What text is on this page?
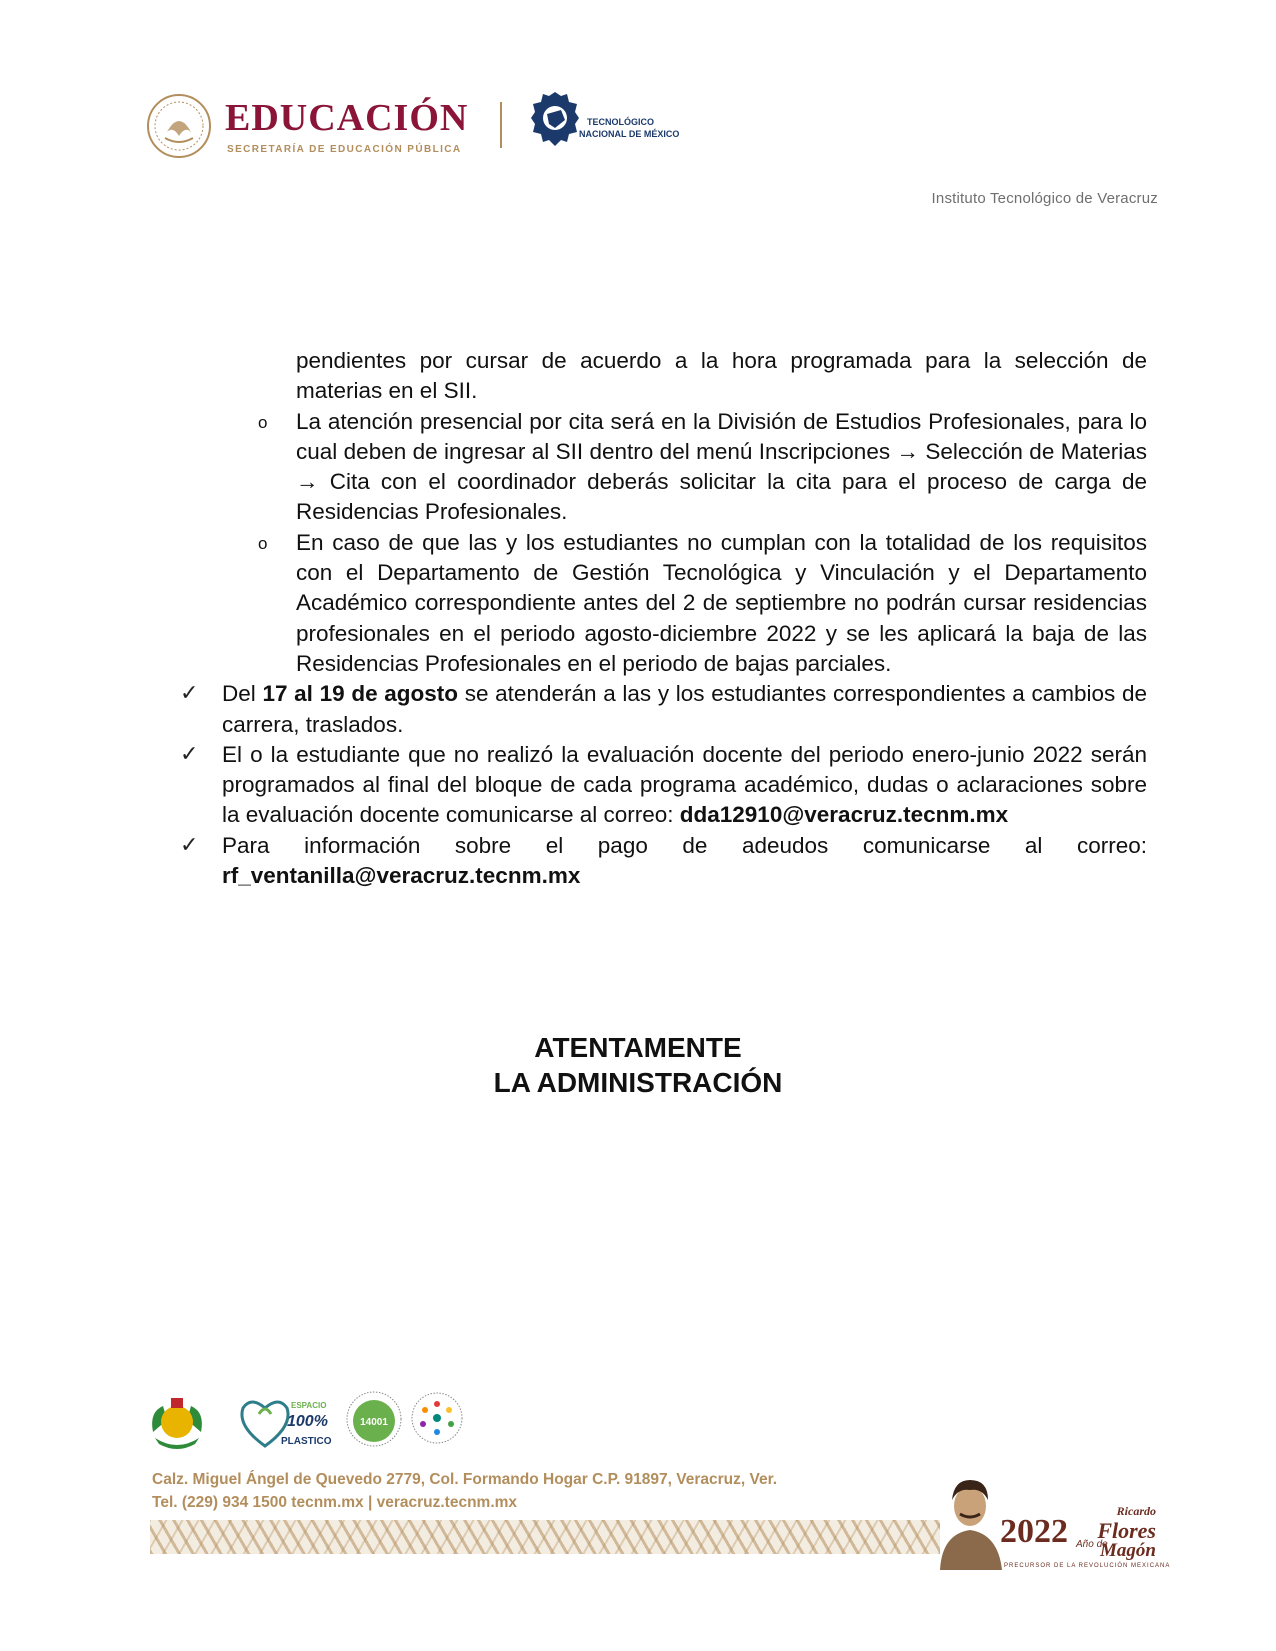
EDUCACIÓN
SECRETARÍA DE EDUCACIÓN PÚBLICA
TECNOLÓGICO
NACIONAL DE MÉXICO
Instituto Tecnológico de Veracruz
pendientes por cursar de acuerdo a la hora programada para la selección de materias en el SII.
o La atención presencial por cita será en la División de Estudios Profesionales, para lo cual deben de ingresar al SII dentro del menú Inscripciones → Selección de Materias → Cita con el coordinador deberás solicitar la cita para el proceso de carga de Residencias Profesionales.
o En caso de que las y los estudiantes no cumplan con la totalidad de los requisitos con el Departamento de Gestión Tecnológica y Vinculación y el Departamento Académico correspondiente antes del 2 de septiembre no podrán cursar residencias profesionales en el periodo agosto-diciembre 2022 y se les aplicará la baja de las Residencias Profesionales en el periodo de bajas parciales.
✓ Del 17 al 19 de agosto se atenderán a las y los estudiantes correspondientes a cambios de carrera, traslados.
✓ El o la estudiante que no realizó la evaluación docente del periodo enero-junio 2022 serán programados al final del bloque de cada programa académico, dudas o aclaraciones sobre la evaluación docente comunicarse al correo: dda12910@veracruz.tecnm.mx
✓ Para información sobre el pago de adeudos comunicarse al correo: rf_ventanilla@veracruz.tecnm.mx
ATENTAMENTE
LA ADMINISTRACIÓN
ESPACIO
100%
PLASTICO
14001
Calz. Miguel Ángel de Quevedo 2779, Col. Formando Hogar C.P. 91897, Veracruz, Ver.
Tel. (229) 934 1500 tecnm.mx | veracruz.tecnm.mx
2022 Año de
Ricardo
Flores
Magón
PRECURSOR DE LA REVOLUCIÓN MEXICANA
